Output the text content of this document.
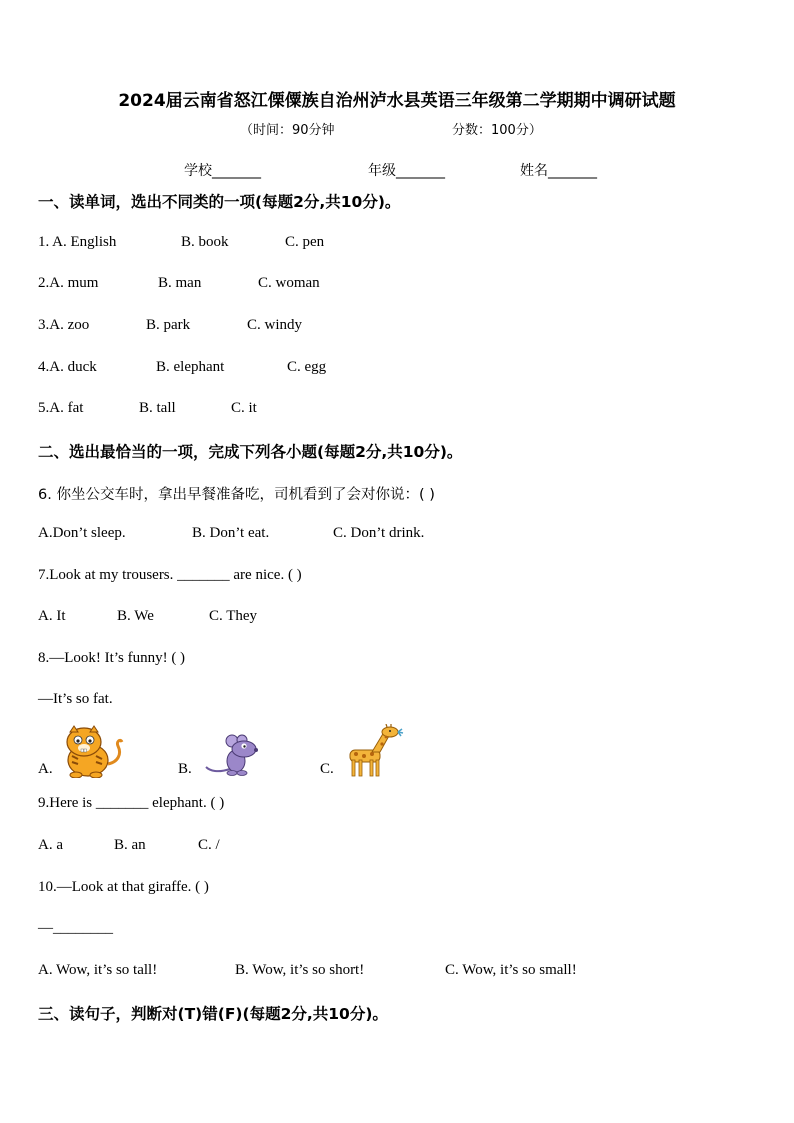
2024届云南省怒江傈僳族自治州泸水县英语三年级第二学期期中调研试题
（时间：90分钟	分数：100分）
学校_______	年级_______	姓名_______
一、读单词，选出不同类的一项(每题2分,共10分)。
1. A. English	B. book	C. pen
2.A. mum	B. man	C. woman
3.A. zoo	B. park	C. windy
4.A. duck	B. elephant	C. egg
5.A. fat	B. tall	C. it
二、选出最恰当的一项，完成下列各小题(每题2分,共10分)。
6. 你坐公交车时，拿出早餐准备吃，司机看到了会对你说：( )
A.Don’t sleep.	B. Don’t eat.	C. Don’t drink.
7.Look at my trousers. _______ are nice. ( )
A. It	B. We	C. They
8.—Look! It’s funny! ( )
—It’s so fat.
A.	B.	C.
9.Here is _______ elephant. ( )
A. a	B. an	C. /
10.—Look at that giraffe. ( )
—________
A. Wow, it’s so tall!	B. Wow, it’s so short!	C. Wow, it’s so small!
三、读句子，判断对(T)错(F)(每题2分,共10分)。
